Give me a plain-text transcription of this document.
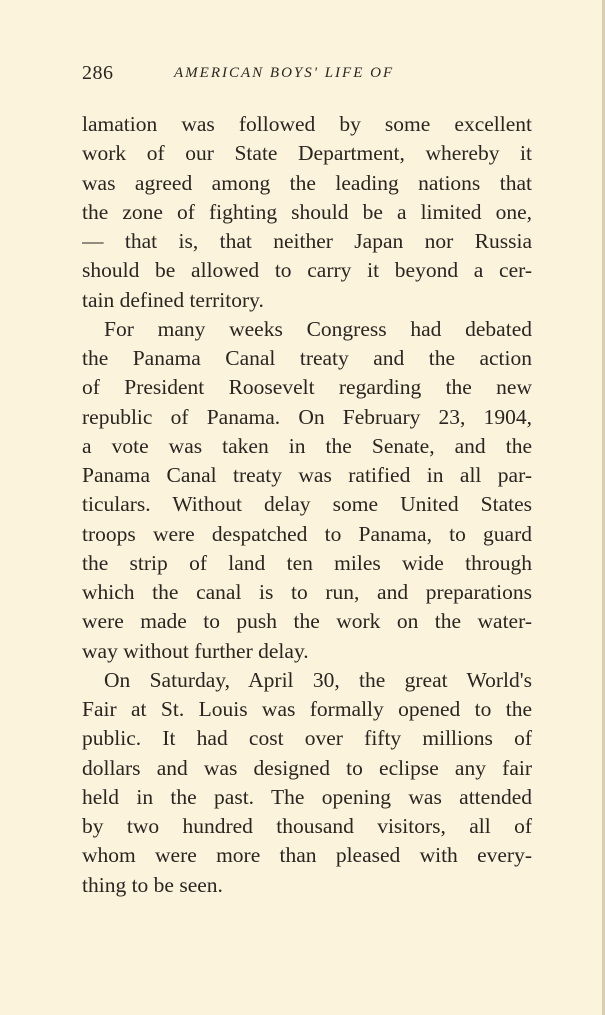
286	AMERICAN BOYS' LIFE OF
lamation was followed by some excellent
work of our State Department, whereby it
was agreed among the leading nations that
the zone of fighting should be a limited one,
— that is, that neither Japan nor Russia
should be allowed to carry it beyond a cer-
tain defined territory.
For many weeks Congress had debated
the Panama Canal treaty and the action
of President Roosevelt regarding the new
republic of Panama. On February 23, 1904,
a vote was taken in the Senate, and the
Panama Canal treaty was ratified in all par-
ticulars. Without delay some United States
troops were despatched to Panama, to guard
the strip of land ten miles wide through
which the canal is to run, and preparations
were made to push the work on the water-
way without further delay.
On Saturday, April 30, the great World's
Fair at St. Louis was formally opened to the
public. It had cost over fifty millions of
dollars and was designed to eclipse any fair
held in the past. The opening was attended
by two hundred thousand visitors, all of
whom were more than pleased with every-
thing to be seen.
